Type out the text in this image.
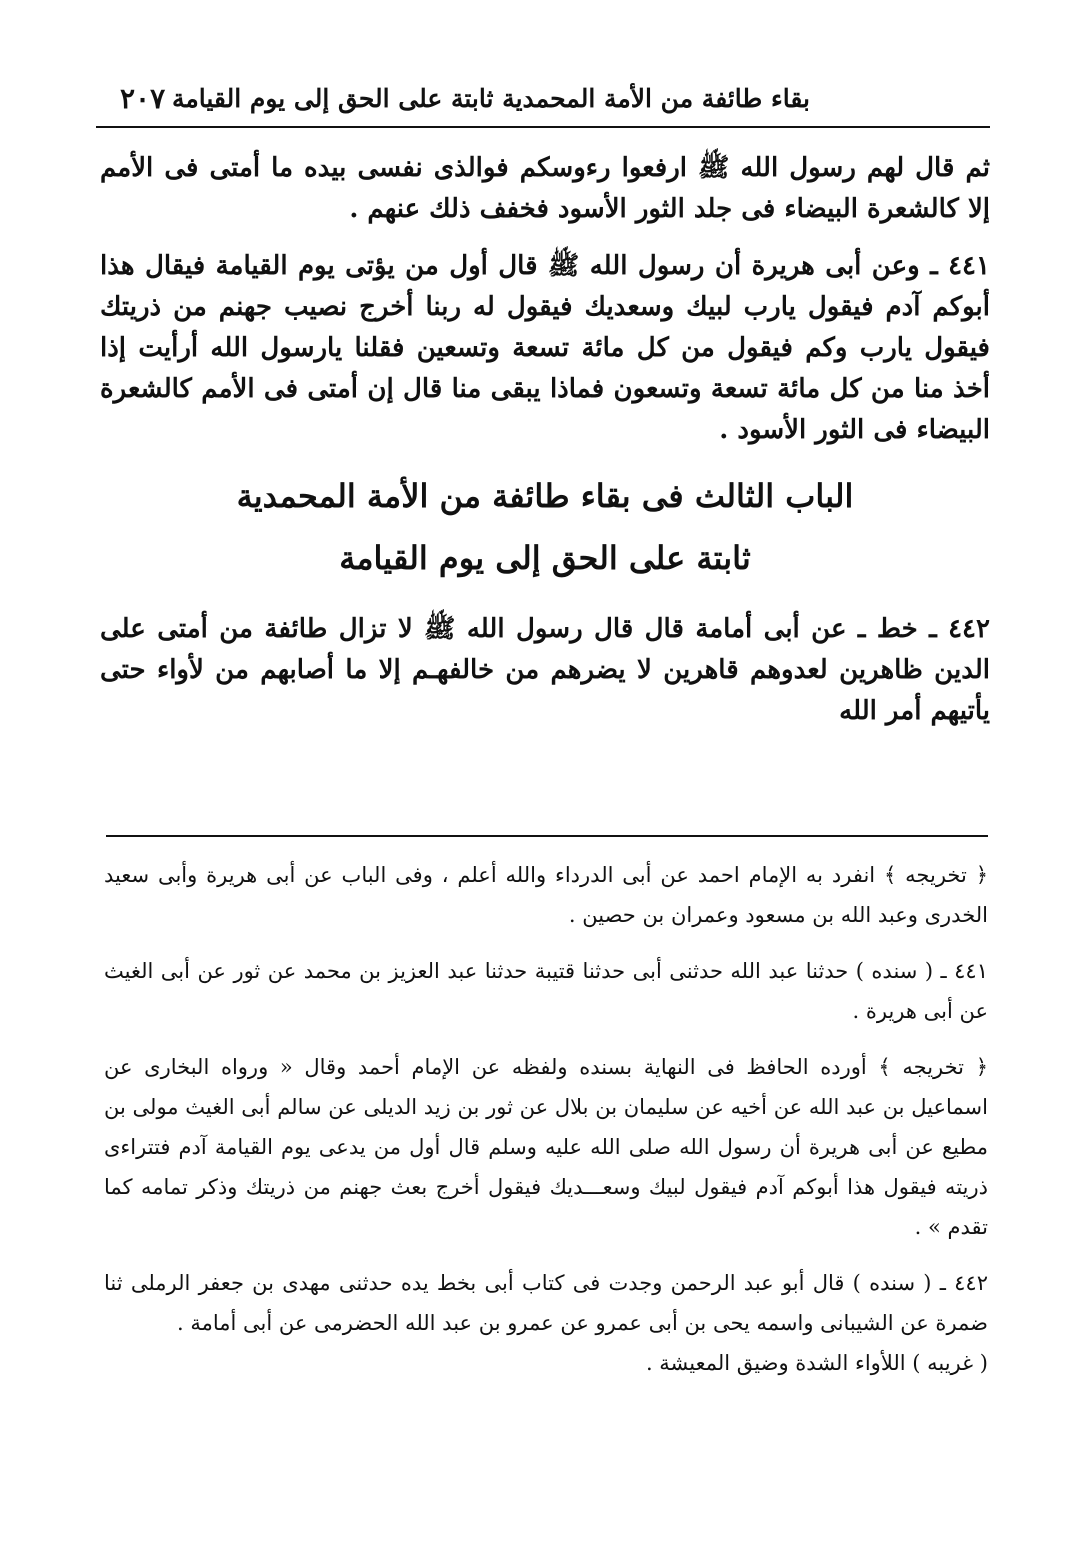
بقاء طائفة من الأمة المحمدية ثابتة على الحق إلى يوم القيامة
٢٠٧

ثم قال لهم رسول الله ﷺ ارفعوا رءوسكم فوالذى نفسى بيده ما أمتى فى الأمم إلا كالشعرة البيضاء فى جلد الثور الأسود فخفف ذلك عنهم .

٤٤١ ـ وعن أبى هريرة أن رسول الله ﷺ قال أول من يؤتى يوم القيامة فيقال هذا أبوكم آدم فيقول يارب لبيك وسعديك فيقول له ربنا أخرج نصيب جهنم من ذريتك فيقول يارب وكم فيقول من كل مائة تسعة وتسعين فقلنا يارسول الله أرأيت إذا أخذ منا من كل مائة تسعة وتسعون فماذا يبقى منا قال إن أمتى فى الأمم كالشعرة البيضاء فى الثور الأسود .

الباب الثالث فى بقاء طائفة من الأمة المحمدية
ثابتة على الحق إلى يوم القيامة

٤٤٢ ـ خط ـ عن أبى أمامة قال قال رسول الله ﷺ لا تزال طائفة من أمتى على الدين ظاهرين لعدوهم قاهرين لا يضرهم من خالفهـم إلا ما أصابهم من لأواء حتى يأتيهم أمر الله

﴿ تخريجه ﴾ انفرد به الإمام احمد عن أبى الدرداء والله أعلم ، وفى الباب عن أبى هريرة وأبى سعيد الخدرى وعبد الله بن مسعود وعمران بن حصين .

٤٤١ ـ ( سنده ) حدثنا عبد الله حدثنى أبى حدثنا قتيبة حدثنا عبد العزيز بن محمد عن ثور عن أبى الغيث عن أبى هريرة .

﴿ تخريجه ﴾ أورده الحافظ فى النهاية بسنده ولفظه عن الإمام أحمد وقال « ورواه البخارى عن اسماعيل بن عبد الله عن أخيه عن سليمان بن بلال عن ثور بن زيد الديلى عن سالم أبى الغيث مولى بن مطيع عن أبى هريرة أن رسول الله صلى الله عليه وسلم قال أول من يدعى يوم القيامة آدم فتتراءى ذريته فيقول هذا أبوكم آدم فيقول لبيك وسعـــديك فيقول أخرج بعث جهنم من ذريتك وذكر تمامه كما تقدم » .

٤٤٢ ـ ( سنده ) قال أبو عبد الرحمن وجدت فى كتاب أبى بخط يده حدثنى مهدى بن جعفر الرملى ثنا ضمرة عن الشيبانى واسمه يحى بن أبى عمرو عن عمرو بن عبد الله الحضرمى عن أبى أمامة .

( غريبه ) اللأواء الشدة وضيق المعيشة .
